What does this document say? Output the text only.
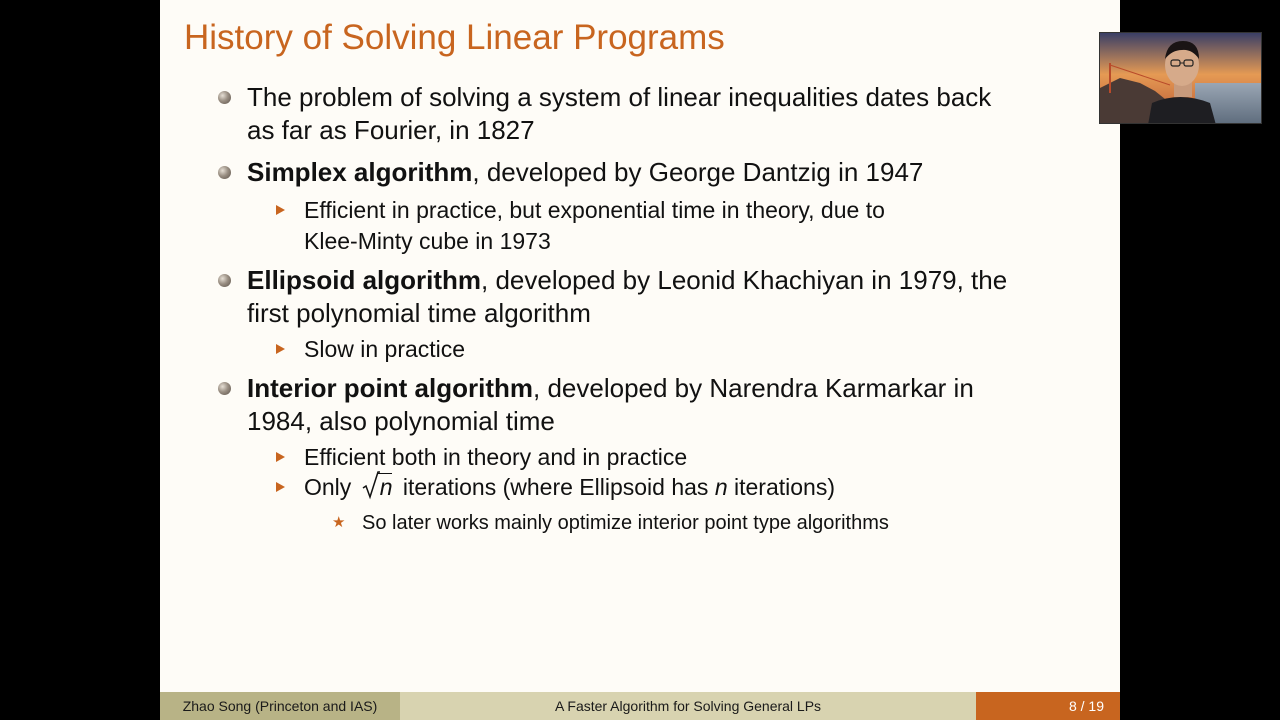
History of Solving Linear Programs
The problem of solving a system of linear inequalities dates back
as far as Fourier, in 1827
Simplex algorithm, developed by George Dantzig in 1947
Efficient in practice, but exponential time in theory, due to
Klee-Minty cube in 1973
Ellipsoid algorithm, developed by Leonid Khachiyan in 1979, the
first polynomial time algorithm
Slow in practice
Interior point algorithm, developed by Narendra Karmarkar in
1984, also polynomial time
Efficient both in theory and in practice
Only n iterations (where Ellipsoid has n iterations)
★ So later works mainly optimize interior point type algorithms
Zhao Song (Princeton and IAS)	A Faster Algorithm for Solving General LPs	8 / 19
